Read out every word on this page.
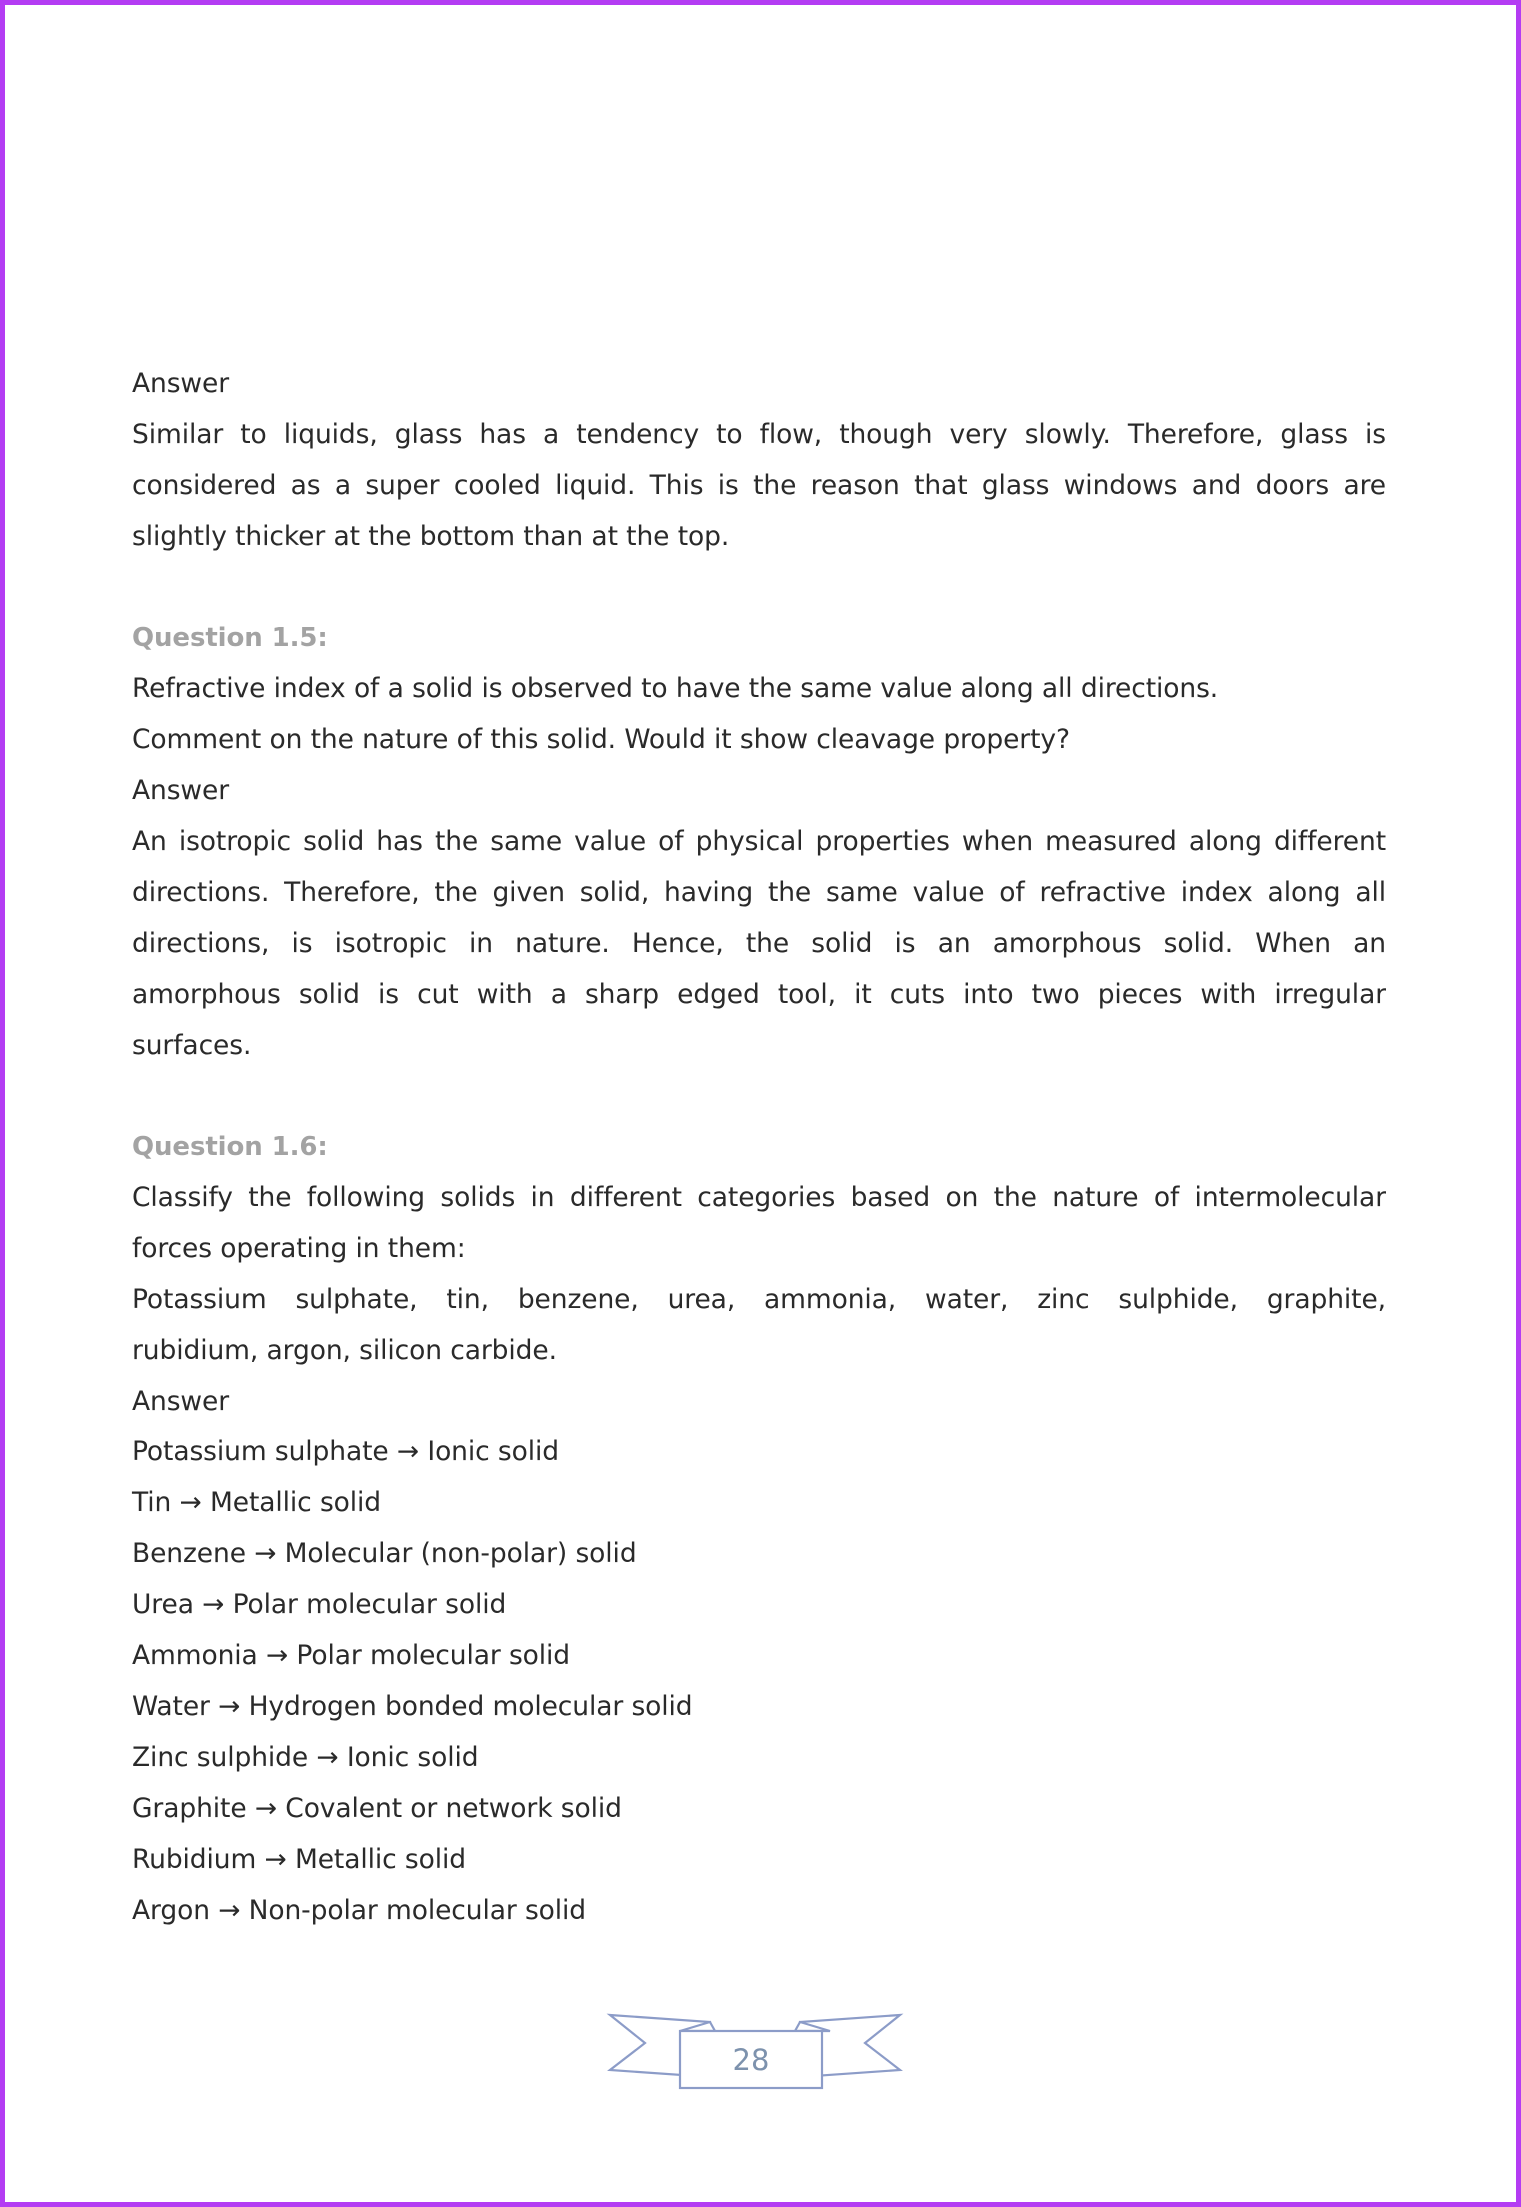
Answer
Similar to liquids, glass has a tendency to flow, though very slowly. Therefore, glass is
considered as a super cooled liquid. This is the reason that glass windows and doors are
slightly thicker at the bottom than at the top.
Question 1.5:
Refractive index of a solid is observed to have the same value along all directions.
Comment on the nature of this solid. Would it show cleavage property?
Answer
An isotropic solid has the same value of physical properties when measured along different
directions. Therefore, the given solid, having the same value of refractive index along all
directions, is isotropic in nature. Hence, the solid is an amorphous solid. When an
amorphous solid is cut with a sharp edged tool, it cuts into two pieces with irregular
surfaces.
Question 1.6:
Classify the following solids in different categories based on the nature of intermolecular
forces operating in them:
Potassium sulphate, tin, benzene, urea, ammonia, water, zinc sulphide, graphite,
rubidium, argon, silicon carbide.
Answer
Potassium sulphate → Ionic solid
Tin → Metallic solid
Benzene → Molecular (non-polar) solid
Urea → Polar molecular solid
Ammonia → Polar molecular solid
Water → Hydrogen bonded molecular solid
Zinc sulphide → Ionic solid
Graphite → Covalent or network solid
Rubidium → Metallic solid
Argon → Non-polar molecular solid
28
